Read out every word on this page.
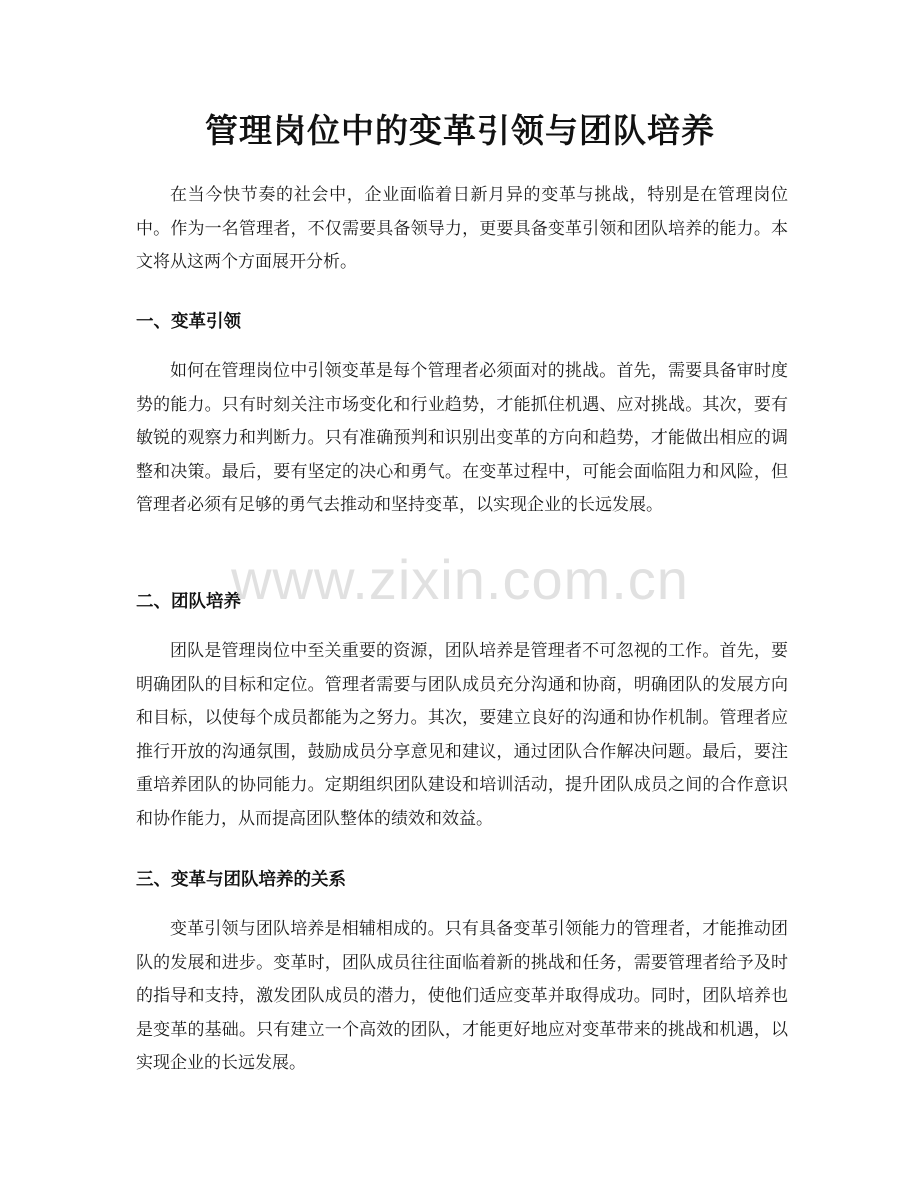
管理岗位中的变革引领与团队培养
在当今快节奏的社会中，企业面临着日新月异的变革与挑战，特别是在管理岗位中。作为一名管理者，不仅需要具备领导力，更要具备变革引领和团队培养的能力。本文将从这两个方面展开分析。
一、变革引领
如何在管理岗位中引领变革是每个管理者必须面对的挑战。首先，需要具备审时度势的能力。只有时刻关注市场变化和行业趋势，才能抓住机遇、应对挑战。其次，要有敏锐的观察力和判断力。只有准确预判和识别出变革的方向和趋势，才能做出相应的调整和决策。最后，要有坚定的决心和勇气。在变革过程中，可能会面临阻力和风险，但管理者必须有足够的勇气去推动和坚持变革，以实现企业的长远发展。
二、团队培养
团队是管理岗位中至关重要的资源，团队培养是管理者不可忽视的工作。首先，要明确团队的目标和定位。管理者需要与团队成员充分沟通和协商，明确团队的发展方向和目标，以使每个成员都能为之努力。其次，要建立良好的沟通和协作机制。管理者应推行开放的沟通氛围，鼓励成员分享意见和建议，通过团队合作解决问题。最后，要注重培养团队的协同能力。定期组织团队建设和培训活动，提升团队成员之间的合作意识和协作能力，从而提高团队整体的绩效和效益。
三、变革与团队培养的关系
变革引领与团队培养是相辅相成的。只有具备变革引领能力的管理者，才能推动团队的发展和进步。变革时，团队成员往往面临着新的挑战和任务，需要管理者给予及时的指导和支持，激发团队成员的潜力，使他们适应变革并取得成功。同时，团队培养也是变革的基础。只有建立一个高效的团队，才能更好地应对变革带来的挑战和机遇，以实现企业的长远发展。
www.zixin.com.cn
